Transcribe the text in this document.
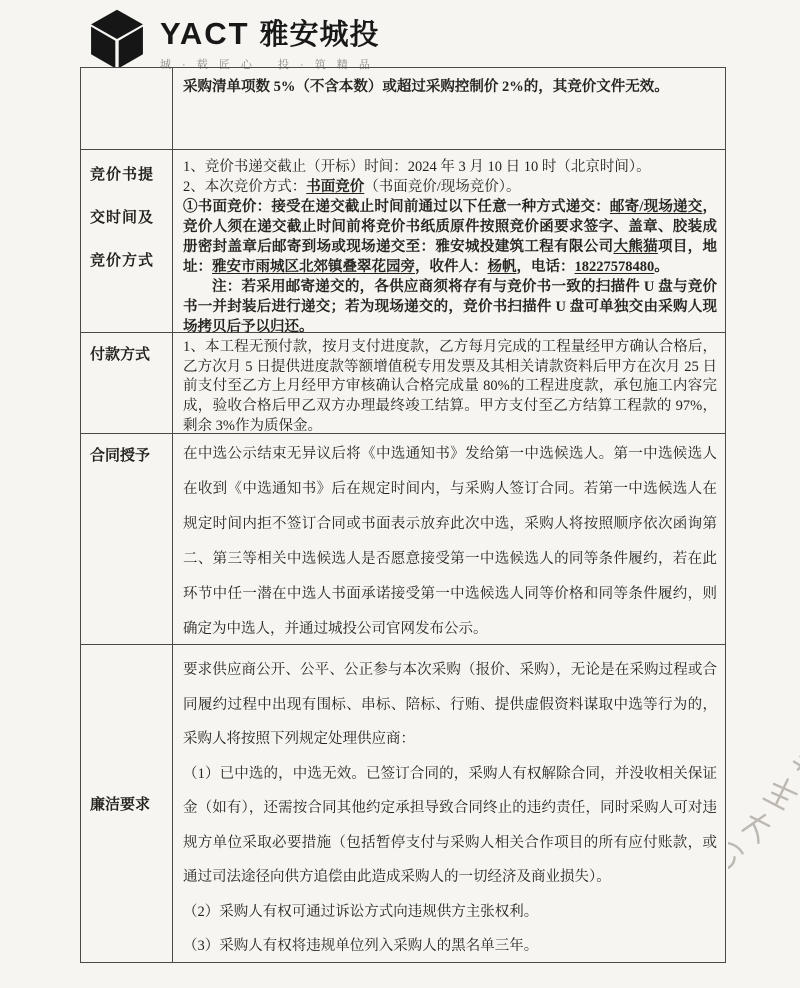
YACT 雅安城投
城 · 载 匠 心　 投 · 筑 精 品

采购清单项数 5%（不含本数）或超过采购控制价 2%的，其竞价文件无效。

竞价书提交时间及竞价方式

1、竞价书递交截止（开标）时间：2024 年 3 月 10 日 10 时（北京时间）。

2、本次竞价方式：书面竞价（书面竞价/现场竞价）。

①书面竞价：接受在递交截止时间前通过以下任意一种方式递交：邮寄/现场递交，竞价人须在递交截止时间前将竞价书纸质原件按照竞价函要求签字、盖章、胶装成册密封盖章后邮寄到场或现场递交至：雅安城投建筑工程有限公司大熊猫项目，地址：雅安市雨城区北郊镇叠翠花园旁，收件人：杨帆，电话：18227578480。

注：若采用邮寄递交的，各供应商须将存有与竞价书一致的扫描件 U 盘与竞价书一并封装后进行递交；若为现场递交的，竞价书扫描件 U 盘可单独交由采购人现场拷贝后予以归还。

付款方式	1、本工程无预付款，按月支付进度款，乙方每月完成的工程量经甲方确认合格后，乙方次月 5 日提供进度款等额增值税专用发票及其相关请款资料后甲方在次月 25 日前支付至乙方上月经甲方审核确认合格完成量 80%的工程进度款，承包施工内容完成，验收合格后甲乙双方办理最终竣工结算。甲方支付至乙方结算工程款的 97%，剩余 3%作为质保金。

合同授予	在中选公示结束无异议后将《中选通知书》发给第一中选候选人。第一中选候选人在收到《中选通知书》后在规定时间内，与采购人签订合同。若第一中选候选人在规定时间内拒不签订合同或书面表示放弃此次中选，采购人将按照顺序依次函询第二、第三等相关中选候选人是否愿意接受第一中选候选人的同等条件履约，若在此环节中任一潜在中选人书面承诺接受第一中选候选人同等价格和同等条件履约，则确定为中选人，并通过城投公司官网发布公示。

廉洁要求

要求供应商公开、公平、公正参与本次采购（报价、采购），无论是在采购过程或合同履约过程中出现有围标、串标、陪标、行贿、提供虚假资料谋取中选等行为的，采购人将按照下列规定处理供应商：

（1）已中选的，中选无效。已签订合同的，采购人有权解除合同，并没收相关保证金（如有），还需按合同其他约定承担导致合同终止的违约责任，同时采购人可对违规方单位采取必要措施（包括暂停支付与采购人相关合作项目的所有应付账款，或通过司法途径向供方追偿由此造成采购人的一切经济及商业损失）。

（2）采购人有权可通过诉讼方式向违规供方主张权利。

（3）采购人有权将违规单位列入采购人的黑名单三年。
